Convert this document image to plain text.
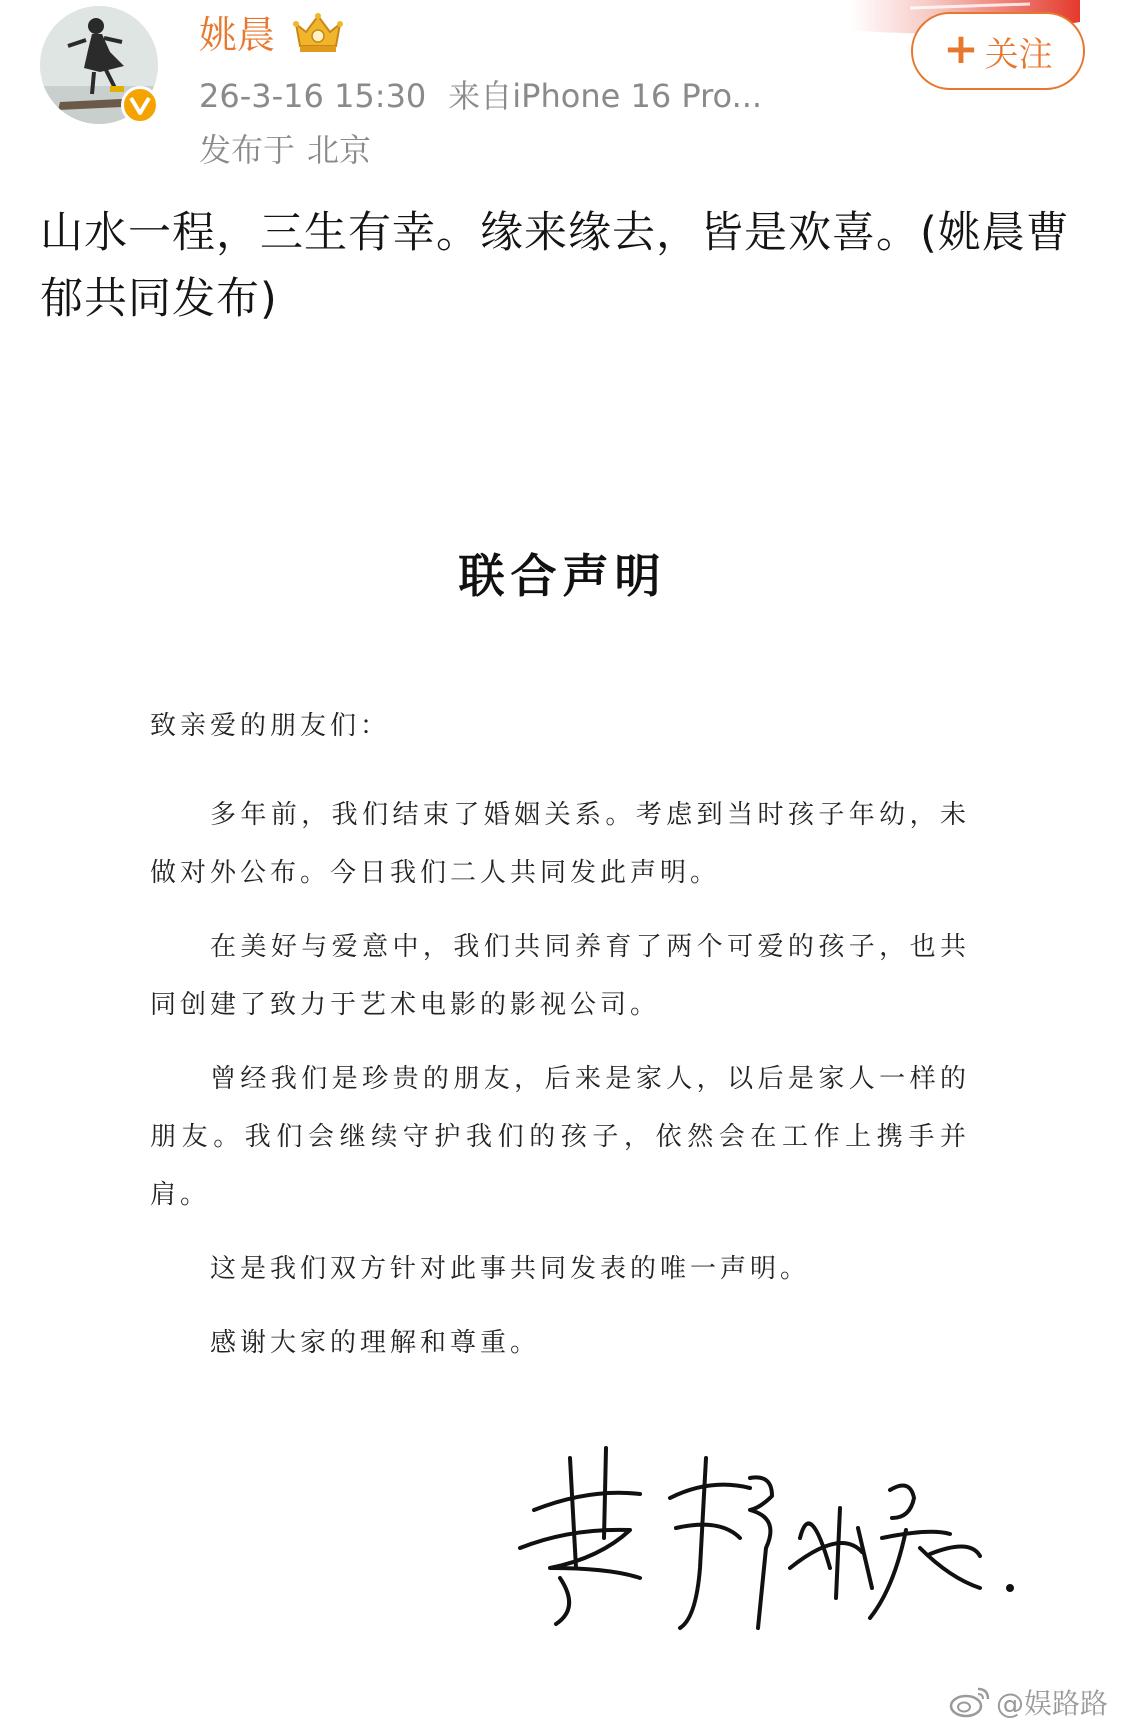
姚晨
26-3-16 15:30 来自iPhone 16 Pro...
发布于 北京
+ 关注
山水一程，三生有幸。缘来缘去，皆是欢喜。(姚晨曹郁共同发布)
联合声明

致亲爱的朋友们：

多年前，我们结束了婚姻关系。考虑到当时孩子年幼，未做对外公布。今日我们二人共同发此声明。

在美好与爱意中，我们共同养育了两个可爱的孩子，也共同创建了致力于艺术电影的影视公司。

曾经我们是珍贵的朋友，后来是家人，以后是家人一样的朋友。我们会继续守护我们的孩子，依然会在工作上携手并肩。

这是我们双方针对此事共同发表的唯一声明。

感谢大家的理解和尊重。

@娱路路
